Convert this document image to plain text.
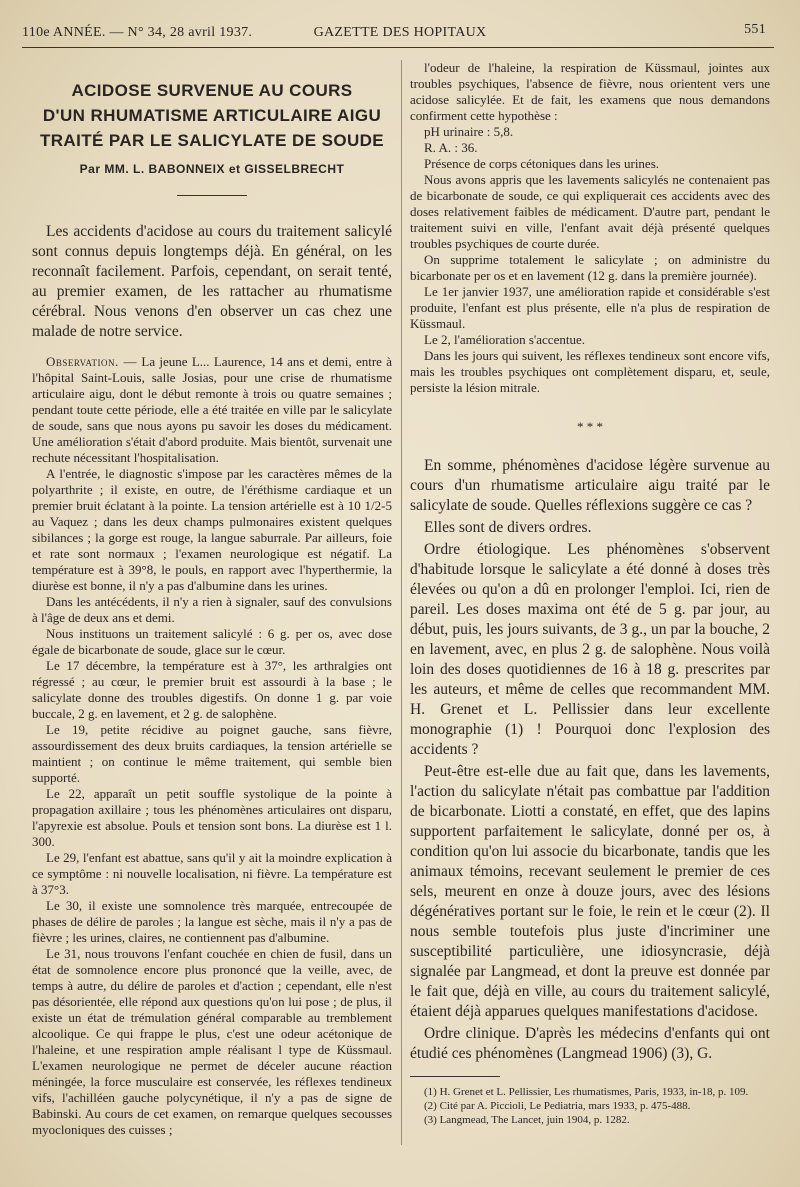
110e ANNÉE. — N° 34, 28 avril 1937.	GAZETTE DES HOPITAUX	551
ACIDOSE SURVENUE AU COURS
D'UN RHUMATISME ARTICULAIRE AIGU
TRAITÉ PAR LE SALICYLATE DE SOUDE
Par MM. L. BABONNEIX et GISSELBRECHT

Les accidents d'acidose au cours du traitement salicylé sont connus depuis longtemps déjà. En général, on les reconnaît facilement. Parfois, cependant, on serait tenté, au premier examen, de les rattacher au rhumatisme cérébral. Nous venons d'en observer un cas chez une malade de notre service.

Observation. — La jeune L... Laurence, 14 ans et demi, entre à l'hôpital Saint-Louis, salle Josias, pour une crise de rhumatisme articulaire aigu, dont le début remonte à trois ou quatre semaines ; pendant toute cette période, elle a été traitée en ville par le salicylate de soude, sans que nous ayons pu savoir les doses du médicament. Une amélioration s'était d'abord produite. Mais bientôt, survenait une rechute nécessitant l'hospitalisation.

A l'entrée, le diagnostic s'impose par les caractères mêmes de la polyarthrite ; il existe, en outre, de l'éréthisme cardiaque et un premier bruit éclatant à la pointe. La tension artérielle est à 10 1/2-5 au Vaquez ; dans les deux champs pulmonaires existent quelques sibilances ; la gorge est rouge, la langue saburrale. Par ailleurs, foie et rate sont normaux ; l'examen neurologique est négatif. La température est à 39°8, le pouls, en rapport avec l'hyperthermie, la diurèse est bonne, il n'y a pas d'albumine dans les urines.

Dans les antécédents, il n'y a rien à signaler, sauf des convulsions à l'âge de deux ans et demi.

Nous instituons un traitement salicylé : 6 g. per os, avec dose égale de bicarbonate de soude, glace sur le cœur.

Le 17 décembre, la température est à 37°, les arthralgies ont régressé ; au cœur, le premier bruit est assourdi à la base ; le salicylate donne des troubles digestifs. On donne 1 g. par voie buccale, 2 g. en lavement, et 2 g. de salophène.

Le 19, petite récidive au poignet gauche, sans fièvre, assourdissement des deux bruits cardiaques, la tension artérielle se maintient ; on continue le même traitement, qui semble bien supporté.

Le 22, apparaît un petit souffle systolique de la pointe à propagation axillaire ; tous les phénomènes articulaires ont disparu, l'apyrexie est absolue. Pouls et tension sont bons. La diurèse est 1 l. 300.

Le 29, l'enfant est abattue, sans qu'il y ait la moindre explication à ce symptôme : ni nouvelle localisation, ni fièvre. La température est à 37°3.

Le 30, il existe une somnolence très marquée, entrecoupée de phases de délire de paroles ; la langue est sèche, mais il n'y a pas de fièvre ; les urines, claires, ne contiennent pas d'albumine.

Le 31, nous trouvons l'enfant couchée en chien de fusil, dans un état de somnolence encore plus prononcé que la veille, avec, de temps à autre, du délire de paroles et d'action ; cependant, elle n'est pas désorientée, elle répond aux questions qu'on lui pose ; de plus, il existe un état de trémulation général comparable au tremblement alcoolique. Ce qui frappe le plus, c'est une odeur acétonique de l'haleine, et une respiration ample réalisant l type de Küssmaul. L'examen neurologique ne permet de déceler aucune réaction méningée, la force musculaire est conservée, les réflexes tendineux vifs, l'achilléen gauche polycynétique, il n'y a pas de signe de Babinski. Au cours de cet examen, on remarque quelques secousses myocloniques des cuisses ;

l'odeur de l'haleine, la respiration de Küssmaul, jointes aux troubles psychiques, l'absence de fièvre, nous orientent vers une acidose salicylée. Et de fait, les examens que nous demandons confirment cette hypothèse :

pH urinaire : 5,8.

R. A. : 36.

Présence de corps cétoniques dans les urines.

Nous avons appris que les lavements salicylés ne contenaient pas de bicarbonate de soude, ce qui expliquerait ces accidents avec des doses relativement faibles de médicament. D'autre part, pendant le traitement suivi en ville, l'enfant avait déjà présenté quelques troubles psychiques de courte durée.

On supprime totalement le salicylate ; on administre du bicarbonate per os et en lavement (12 g. dans la première journée).

Le 1er janvier 1937, une amélioration rapide et considérable s'est produite, l'enfant est plus présente, elle n'a plus de respiration de Küssmaul.

Le 2, l'amélioration s'accentue.

Dans les jours qui suivent, les réflexes tendineux sont encore vifs, mais les troubles psychiques ont complètement disparu, et, seule, persiste la lésion mitrale.

* * *

En somme, phénomènes d'acidose légère survenue au cours d'un rhumatisme articulaire aigu traité par le salicylate de soude. Quelles réflexions suggère ce cas ?

Elles sont de divers ordres.

Ordre étiologique. Les phénomènes s'observent d'habitude lorsque le salicylate a été donné à doses très élevées ou qu'on a dû en prolonger l'emploi. Ici, rien de pareil. Les doses maxima ont été de 5 g. par jour, au début, puis, les jours suivants, de 3 g., un par la bouche, 2 en lavement, avec, en plus 2 g. de salophène. Nous voilà loin des doses quotidiennes de 16 à 18 g. prescrites par les auteurs, et même de celles que recommandent MM. H. Grenet et L. Pellissier dans leur excellente monographie (1) ! Pourquoi donc l'explosion des accidents ?

Peut-être est-elle due au fait que, dans les lavements, l'action du salicylate n'était pas combattue par l'addition de bicarbonate. Liotti a constaté, en effet, que des lapins supportent parfaitement le salicylate, donné per os, à condition qu'on lui associe du bicarbonate, tandis que les animaux témoins, recevant seulement le premier de ces sels, meurent en onze à douze jours, avec des lésions dégénératives portant sur le foie, le rein et le cœur (2). Il nous semble toutefois plus juste d'incriminer une susceptibilité particulière, une idiosyncrasie, déjà signalée par Langmead, et dont la preuve est donnée par le fait que, déjà en ville, au cours du traitement salicylé, étaient déjà apparues quelques manifestations d'acidose.

Ordre clinique. D'après les médecins d'enfants qui ont étudié ces phénomènes (Langmead 1906) (3), G.

(1) H. Grenet et L. Pellissier, Les rhumatismes, Paris, 1933, in-18, p. 109.

(2) Cité par A. Piccioli, Le Pediatria, mars 1933, p. 475-488.

(3) Langmead, The Lancet, juin 1904, p. 1282.
